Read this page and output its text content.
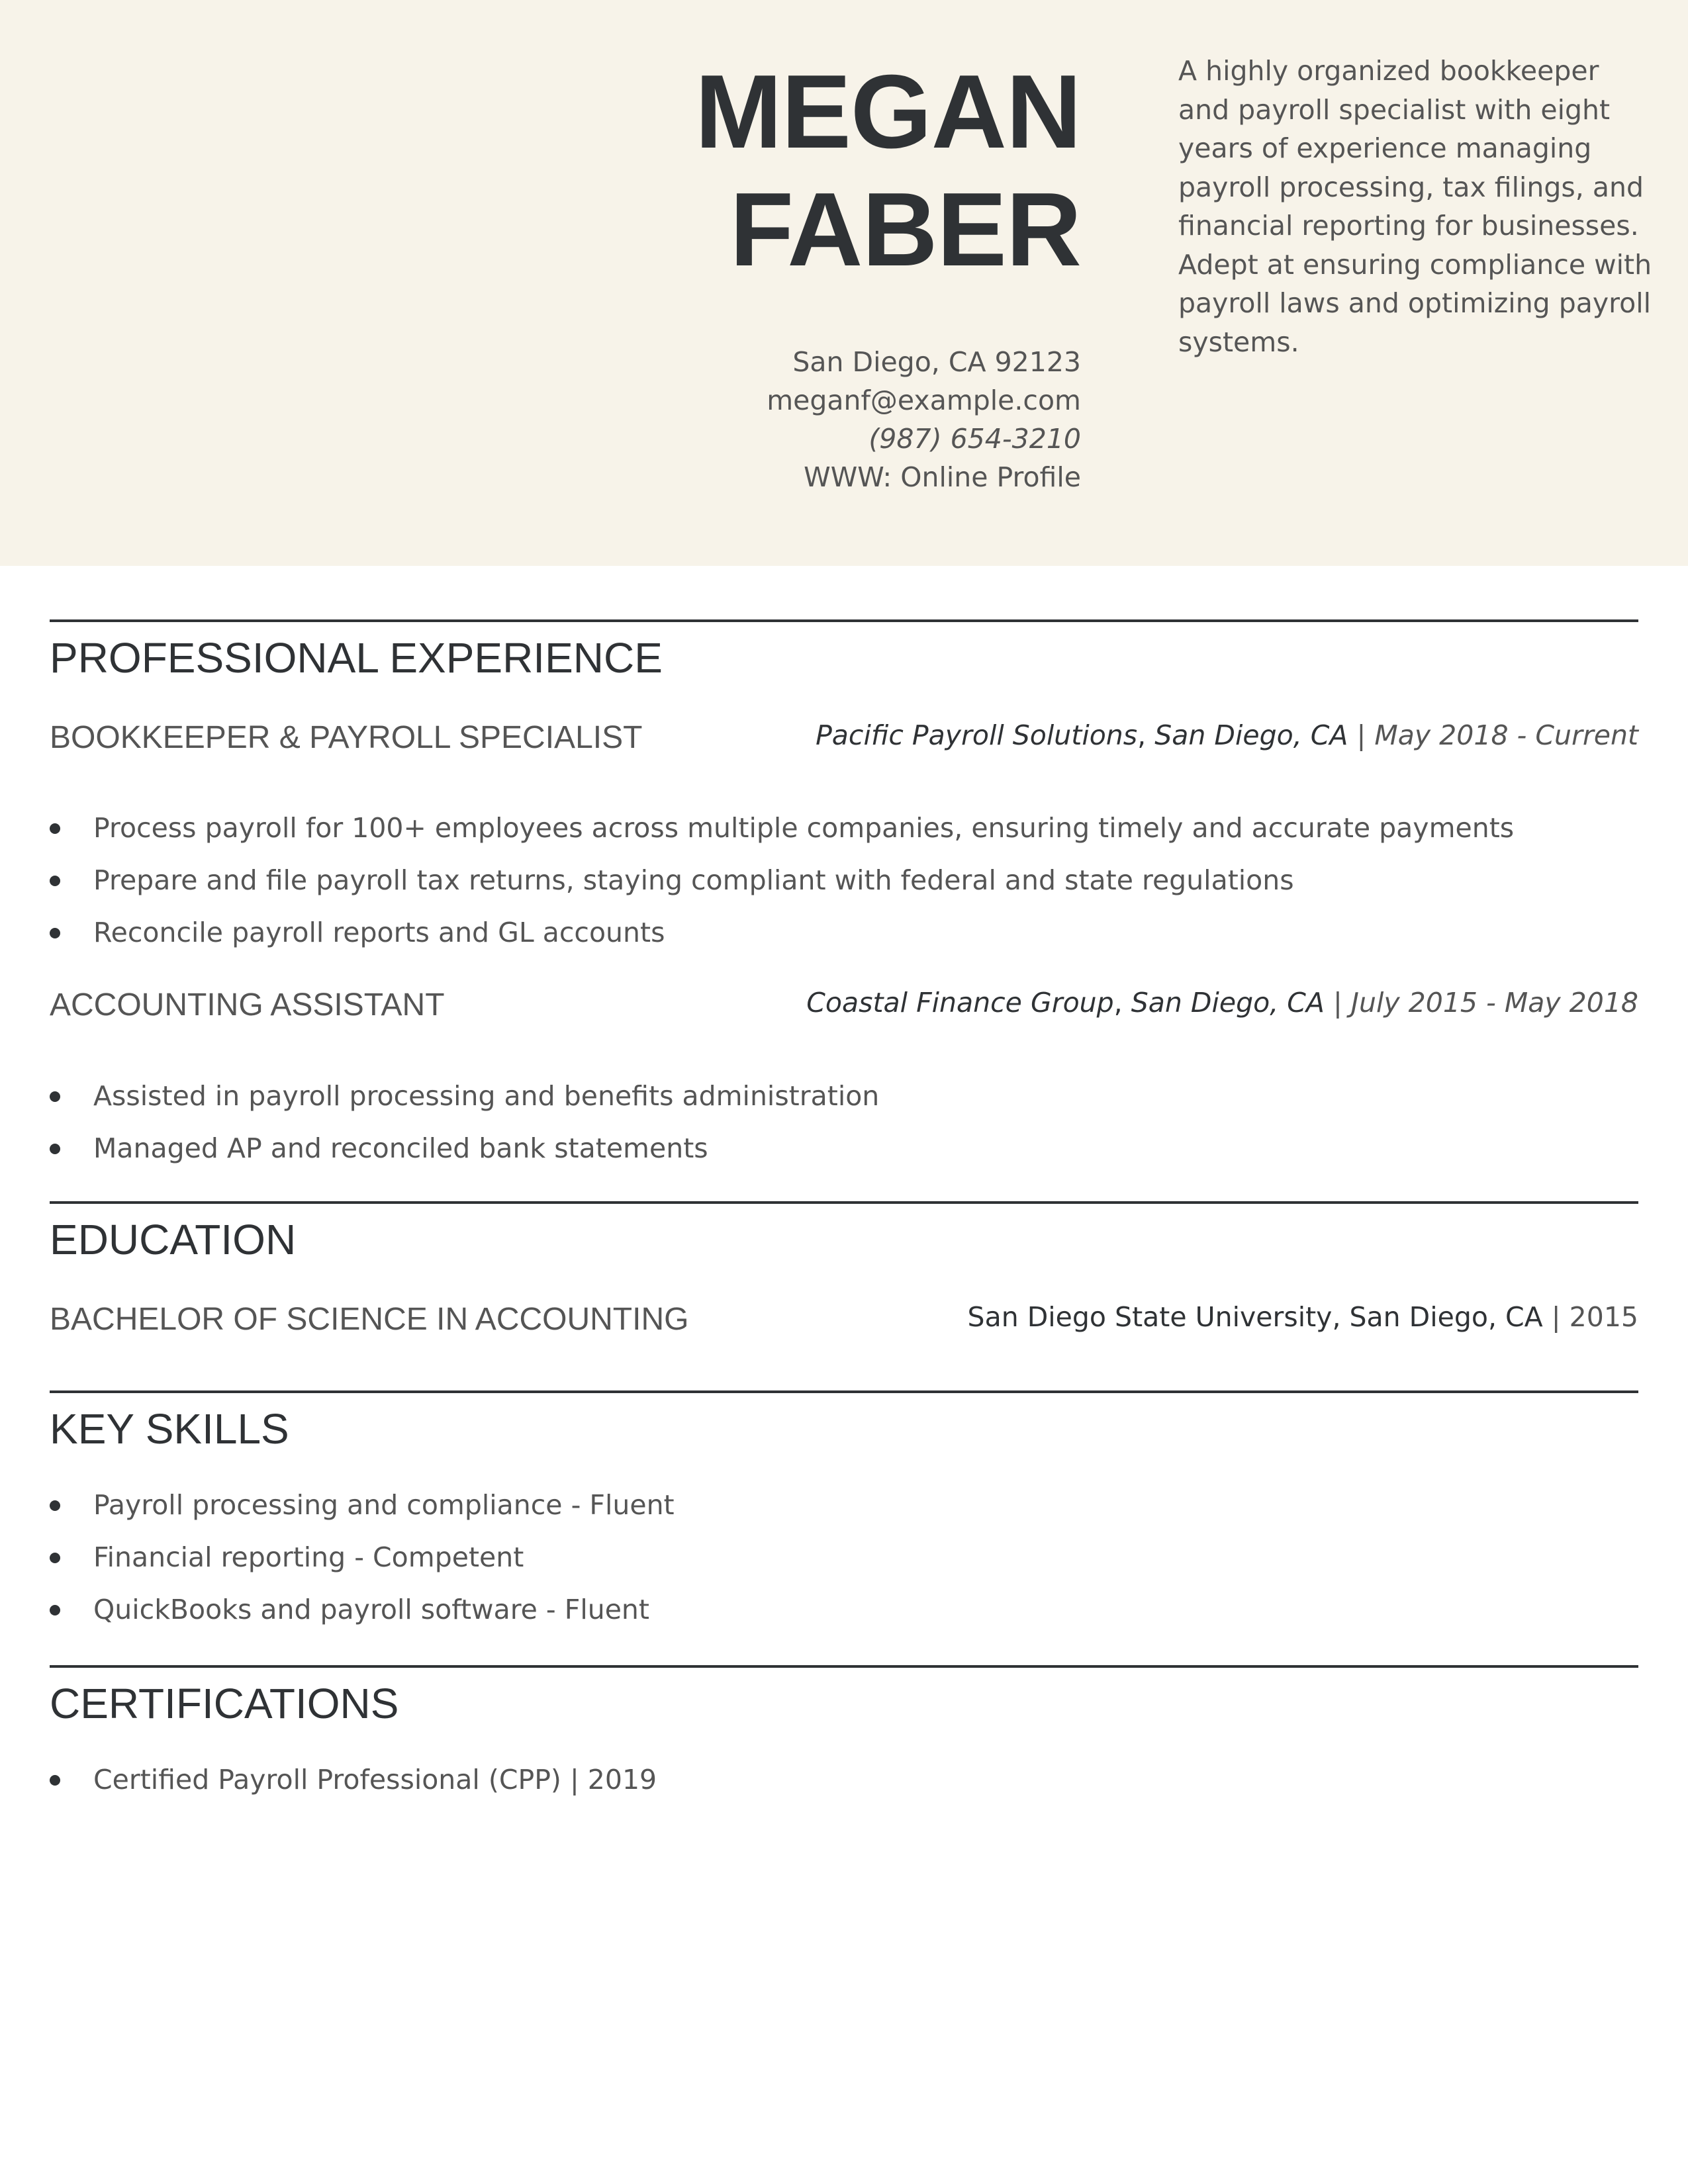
MEGAN
FABER
San Diego, CA 92123
meganf@example.com
(987) 654-3210
WWW: Online Profile
A highly organized bookkeeper and payroll specialist with eight years of experience managing payroll processing, tax filings, and financial reporting for businesses. Adept at ensuring compliance with payroll laws and optimizing payroll systems.
PROFESSIONAL EXPERIENCE
BOOKKEEPER & PAYROLL SPECIALIST	Pacific Payroll Solutions, San Diego, CA | May 2018 - Current
Process payroll for 100+ employees across multiple companies, ensuring timely and accurate payments
Prepare and file payroll tax returns, staying compliant with federal and state regulations
Reconcile payroll reports and GL accounts
ACCOUNTING ASSISTANT	Coastal Finance Group, San Diego, CA | July 2015 - May 2018
Assisted in payroll processing and benefits administration
Managed AP and reconciled bank statements
EDUCATION
BACHELOR OF SCIENCE IN ACCOUNTING	San Diego State University, San Diego, CA | 2015
KEY SKILLS
Payroll processing and compliance - Fluent
Financial reporting - Competent
QuickBooks and payroll software - Fluent
CERTIFICATIONS
Certified Payroll Professional (CPP) | 2019
